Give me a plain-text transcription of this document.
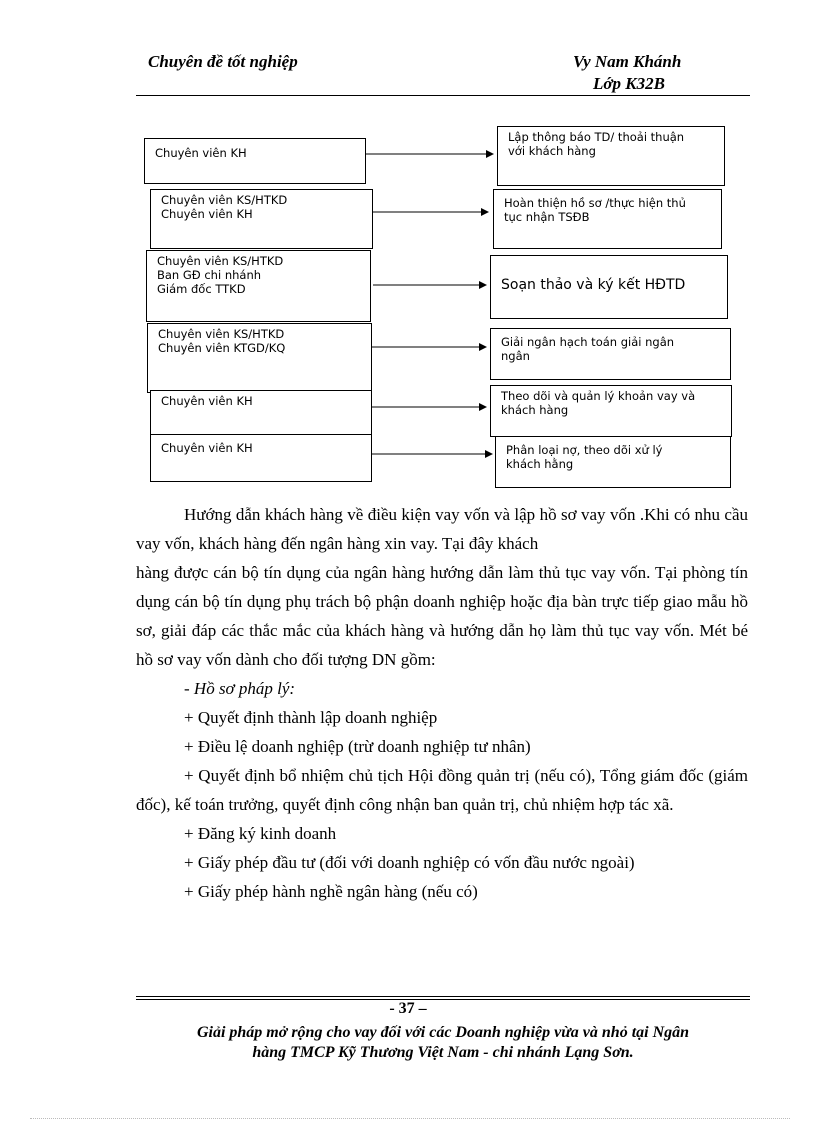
Chuyên đề tốt nghiệp	Vy Nam Khánh
Lớp K32B
Chuyên viên KH
Chuyên viên KS/HTKD
Chuyên viên KH
Chuyên viên KS/HTKD
Ban GĐ chi nhánh
Giám đốc TTKD
Chuyên viên KS/HTKD
Chuyên viên KTGD/KQ
Chuyên viên KH
Chuyên viên KH
Lập thông báo TD/ thoải thuận
với khách hàng
Hoàn thiện hồ sơ /thực hiện thủ
tục nhận TSĐB
Soạn thảo và ký kết HĐTD
Giải ngân hạch toán giải ngân
ngân
Theo dõi và quản lý khoản vay và
khách hàng
Phân loại nợ, theo dõi xử lý
khách hằng

Hướng dẫn khách hàng về điều kiện vay vốn và lập hồ sơ vay vốn .Khi có nhu cầu vay vốn, khách hàng đến ngân hàng xin vay. Tại đây khách

hàng được cán bộ tín dụng của ngân hàng hướng dẫn làm thủ tục vay vốn. Tại phòng tín dụng cán bộ tín dụng phụ trách bộ phận doanh nghiệp hoặc địa bàn trực tiếp giao mẫu hồ sơ, giải đáp các thắc mắc của khách hàng và hướng dẫn họ làm thủ tục vay vốn. Mét bé hồ sơ vay vốn dành cho đối tượng DN gồm:

- Hồ sơ pháp lý:

+ Quyết định thành lập doanh nghiệp

+ Điều lệ doanh nghiệp (trừ doanh nghiệp tư nhân)

+ Quyết định bổ nhiệm chủ tịch Hội đồng quản trị (nếu có), Tổng giám đốc (giám đốc), kế toán trưởng, quyết định công nhận ban quản trị, chủ nhiệm hợp tác xã.

+ Đăng ký kinh doanh

+ Giấy phép đầu tư (đối với doanh nghiệp có vốn đầu nước ngoài)

+ Giấy phép hành nghề ngân hàng (nếu có)

- 37 –
Giải pháp mở rộng cho vay đối với các Doanh nghiệp vừa và nhỏ tại Ngân
hàng TMCP Kỹ Thương Việt Nam - chi nhánh Lạng Sơn.
